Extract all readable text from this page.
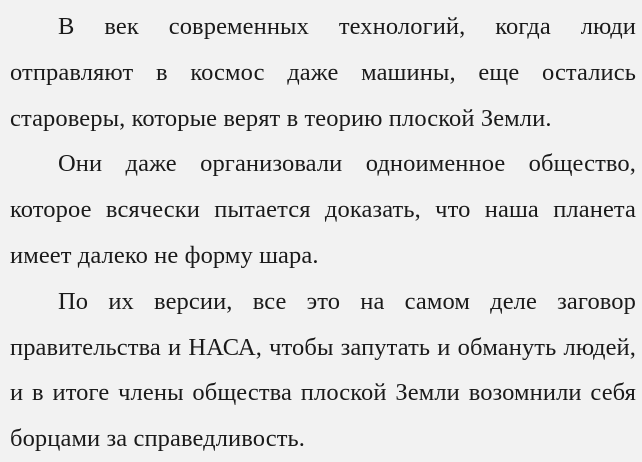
В век современных технологий, когда люди отправляют в космос даже машины, еще остались староверы, которые верят в теорию плоской Земли.

Они даже организовали одноименное общество, которое всячески пытается доказать, что наша планета имеет далеко не форму шара.

По их версии, все это на самом деле заговор правительства и НАСА, чтобы запутать и обмануть людей, и в итоге члены общества плоской Земли возомнили себя борцами за справедливость.
